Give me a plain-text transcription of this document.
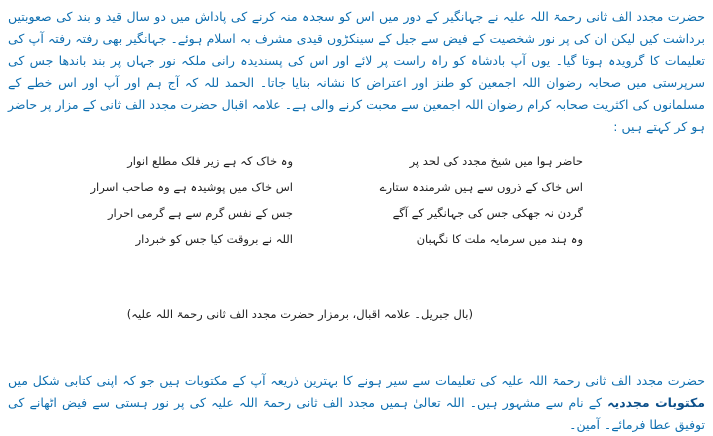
حضرت مجدد الف ثانی رحمۃ اللہ علیہ نے جہانگیر کے دور میں اس کو سجدہ منہ کرنے کی پاداش میں دو سال قید و بند کی صعوبتیں برداشت کیں لیکن ان کی پر نور شخصیت کے فیض سے جیل کے سینکڑوں قیدی مشرف بہ اسلام ہوئے۔ جہانگیر بھی رفتہ رفتہ آپ کی تعلیمات کا گرویدہ ہوتا گیا۔ یوں آپ بادشاہ کو راہ راست پر لائے اور اس کی پسندیدہ رانی ملکہ نور جہاں پر بند باندھا جس کی سرپرستی میں صحابہ رضوان اللہ اجمعین کو طنز اور اعتراض کا نشانہ بنایا جاتا۔ الحمد للہ کہ آج ہم اور آپ اور اس خطے کے مسلمانوں کی اکثریت صحابہ کرام رضوان اللہ اجمعین سے محبت کرنے والی ہے۔ علامہ اقبال حضرت مجدد الف ثانی کے مزار پر حاضر ہو کر کہتے ہیں :

حاضر ہوا میں شیخ مجدد کی لحد پر
اس خاک کے ذروں سے ہیں شرمندہ ستارے
گردن نہ جھکی جس کی جہانگیر کے آگے
وہ ہند میں سرمایہ ملت کا نگہبان
وہ خاک کہ ہے زیر فلک مطلع انوار
اس خاک میں پوشیدہ ہے وہ صاحب اسرار
جس کے نفس گرم سے ہے گرمی احرار
اللہ نے بروقت کیا جس کو خبردار
(بال جبریل۔ علامہ اقبال، برمزار حضرت مجدد الف ثانی رحمۃ اللہ علیہ)

حضرت مجدد الف ثانی رحمۃ اللہ علیہ کی تعلیمات سے سیر ہونے کا بہترین ذریعہ آپ کے مکتوبات ہیں جو کہ اپنی کتابی شکل میں مکتوبات مجددیہ کے نام سے مشہور ہیں۔ اللہ تعالیٰ ہمیں مجدد الف ثانی رحمۃ اللہ علیہ کی پر نور ہستی سے فیض اٹھانے کی توفیق عطا فرمائے۔ آمین۔
